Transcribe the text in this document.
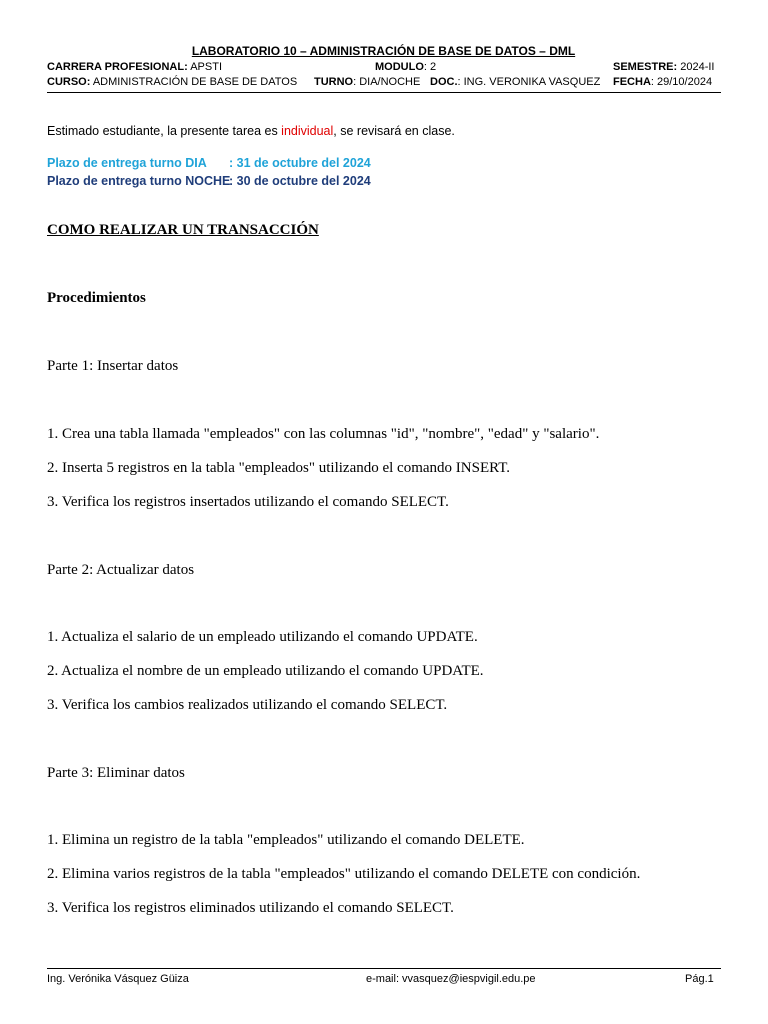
LABORATORIO 10 – ADMINISTRACIÓN DE BASE DE DATOS – DML
CARRERA PROFESIONAL: APSTI	MODULO: 2	SEMESTRE: 2024-II
CURSO: ADMINISTRACIÓN DE BASE DE DATOS TURNO: DIA/NOCHE DOC.: ING. VERONIKA VASQUEZ FECHA: 29/10/2024
Estimado estudiante, la presente tarea es individual, se revisará en clase.
Plazo de entrega turno DIA : 31 de octubre del 2024
Plazo de entrega turno NOCHE: 30 de octubre del 2024
COMO REALIZAR UN TRANSACCIÓN
Procedimientos
Parte 1: Insertar datos
1. Crea una tabla llamada "empleados" con las columnas "id", "nombre", "edad" y "salario".
2. Inserta 5 registros en la tabla "empleados" utilizando el comando INSERT.
3. Verifica los registros insertados utilizando el comando SELECT.
Parte 2: Actualizar datos
1. Actualiza el salario de un empleado utilizando el comando UPDATE.
2. Actualiza el nombre de un empleado utilizando el comando UPDATE.
3. Verifica los cambios realizados utilizando el comando SELECT.
Parte 3: Eliminar datos
1. Elimina un registro de la tabla "empleados" utilizando el comando DELETE.
2. Elimina varios registros de la tabla "empleados" utilizando el comando DELETE con condición.
3. Verifica los registros eliminados utilizando el comando SELECT.
Ing. Verónika Vásquez Güiza	e-mail: vvasquez@iespvigil.edu.pe	Pág.1
